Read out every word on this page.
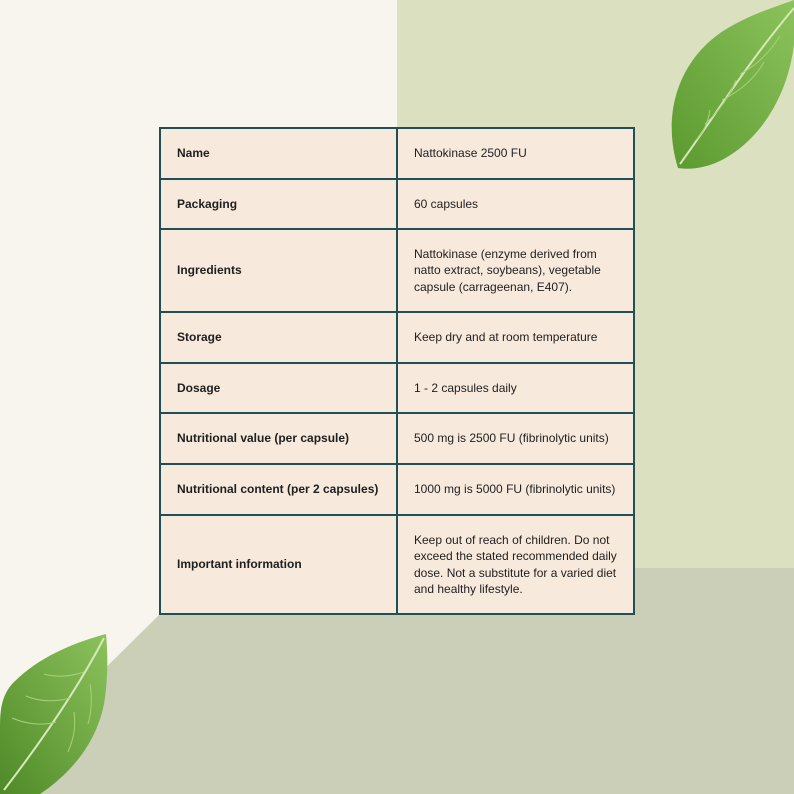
Name	Nattokinase 2500 FU
Packaging	60 capsules
Ingredients	Nattokinase (enzyme derived from natto extract, soybeans), vegetable capsule (carrageenan, E407).
Storage	Keep dry and at room temperature
Dosage	1 - 2 capsules daily
Nutritional value (per capsule)	500 mg is 2500 FU (fibrinolytic units)
Nutritional content (per 2 capsules)	1000 mg is 5000 FU (fibrinolytic units)
Important information	Keep out of reach of children. Do not exceed the stated recommended daily dose. Not a substitute for a varied diet and healthy lifestyle.
